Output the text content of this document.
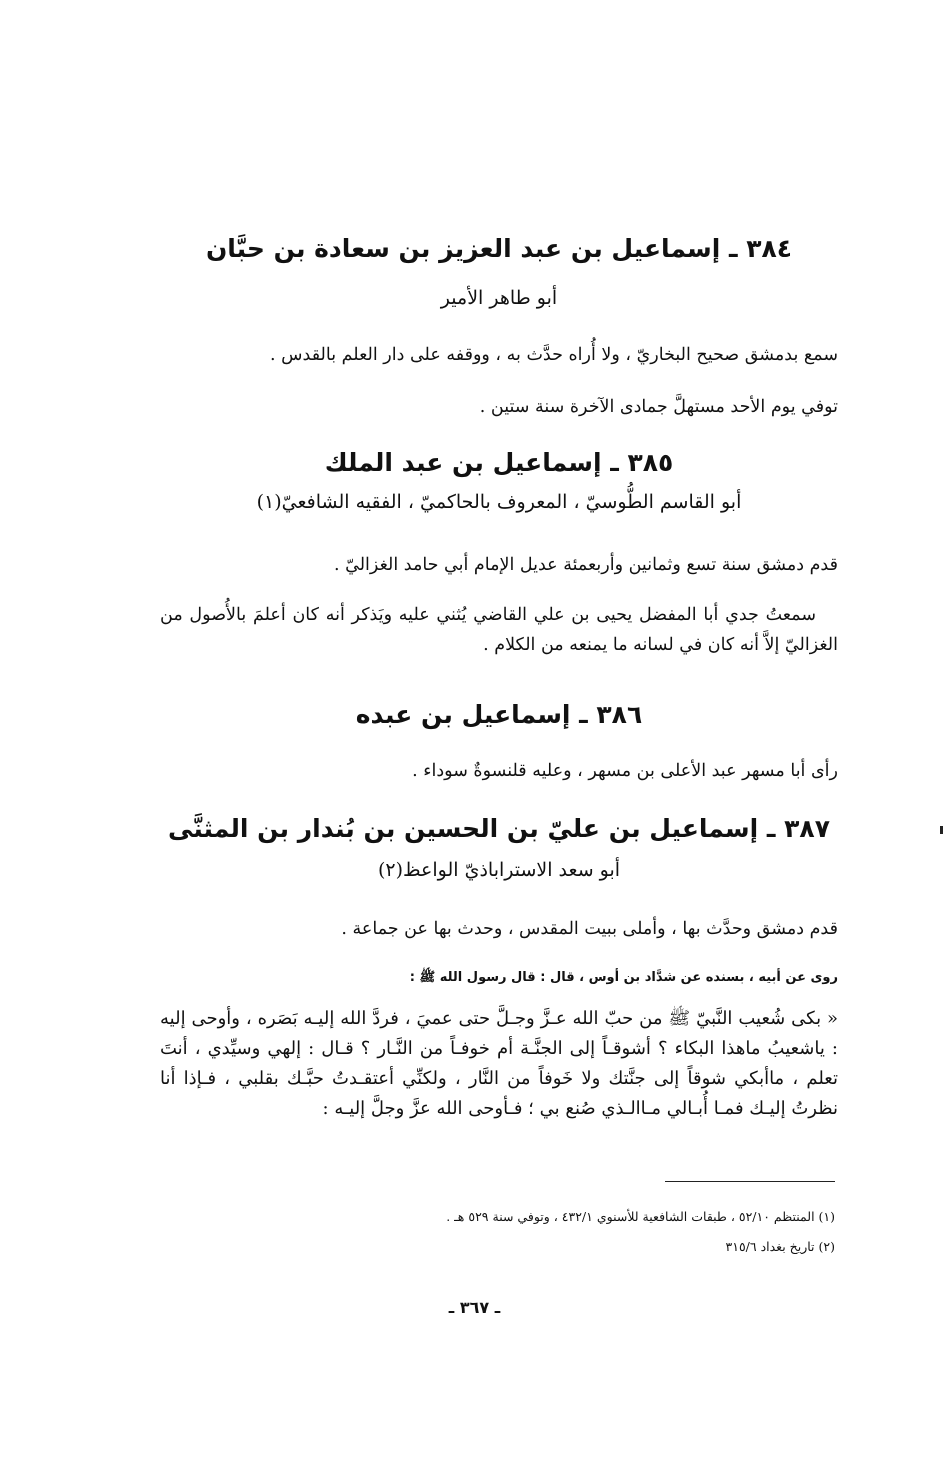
٣٨٤ ـ إسماعيل بن عبد العزيز بن سعادة بن حبَّان
أبو طاهر الأمير
سمع بدمشق صحيح البخاريّ ، ولا أُراه حدَّث به ، ووقفه على دار العلم بالقدس .
توفي يوم الأحد مستهلَّ جمادى الآخرة سنة ستين .
٣٨٥ ـ إسماعيل بن عبد الملك
أبو القاسم الطُّوسيّ ، المعروف بالحاكميّ ، الفقيه الشافعيّ(١)
قدم دمشق سنة تسع وثمانين وأربعمئة عديل الإمام أبي حامد الغزاليّ .
سمعتُ جدي أبا المفضل يحيى بن علي القاضي يُثني عليه ويَذكر أنه كان أعلمَ بالأُصول من الغزاليّ إلاَّ أنه كان في لسانه ما يمنعه من الكلام .
٣٨٦ ـ إسماعيل بن عبده
رأى أبا مسهر عبد الأعلى بن مسهر ، وعليه قلنسوةٌ سوداء .
٣٨٧ ـ إسماعيل بن عليّ بن الحسين بن بُندار بن المثنَّى
أبو سعد الاستراباذيّ الواعظ(٢)
قدم دمشق وحدَّث بها ، وأملى ببيت المقدس ، وحدث بها عن جماعة .
روى عن أبيه ، بسنده عن شدَّاد بن أوس ، قال : قال رسول الله ﷺ :
« بكى شُعيب النَّبيّ ﷺ من حبّ الله عـزَّ وجـلَّ حتى عميَ ، فردَّ الله إليـه بَصَره ، وأوحى إليه : ياشعيبُ ماهذا البكاء ؟ أشوقـاً إلى الجنَّـة أم خوفـاً من النَّـار ؟ قـال : إلهي وسيِّدي ، أنتَ تعلم ، ماأبكي شوقاً إلى جنَّتك ولا خَوفاً من النَّار ، ولكنِّي أعتقـدتُ حبَّـك بقلبي ، فـإذا أنا نظرتُ إليـك فمـا أُبـالي مـاالـذي صُنع بي ؛ فـأوحى الله عزَّ وجلَّ إليـه :
(١) المنتظم ٥٢/١٠ ، طبقات الشافعية للأسنوي ٤٣٢/١ ، وتوفي سنة ٥٢٩ هـ .
(٢) تاريخ بغداد ٣١٥/٦
ـ ٣٦٧ ـ
